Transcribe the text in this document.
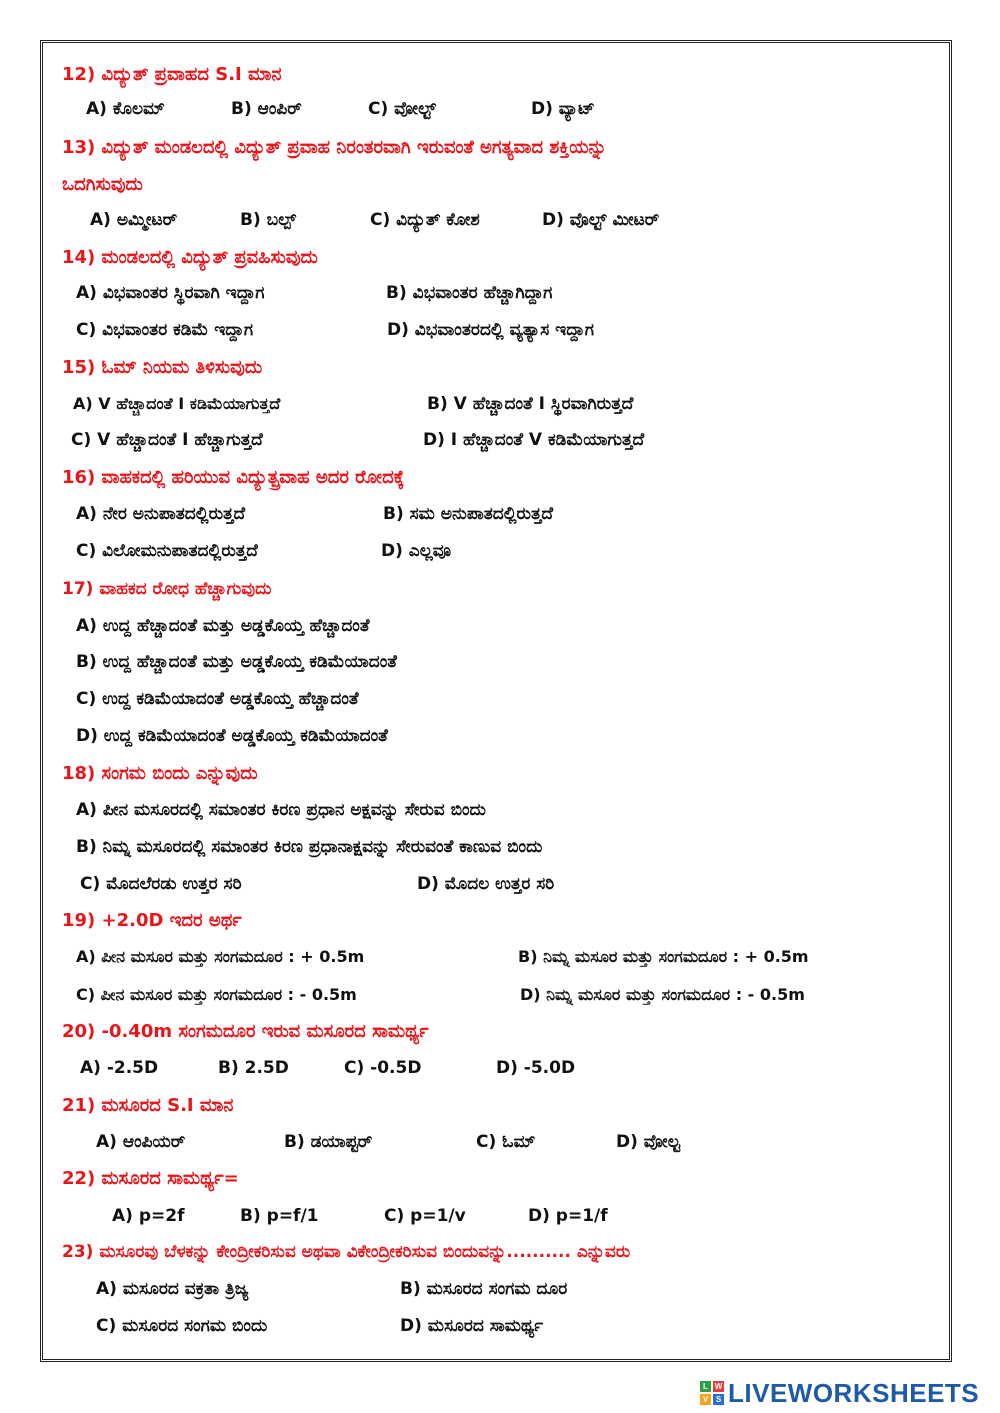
12) ವಿದ್ಯುತ್ ಪ್ರವಾಹದ S.I ಮಾನ
A) ಕೊಲಮ್	B) ಆಂಪಿರ್	C) ವೋಲ್ಟ್	D) ವ್ಯಾಟ್
13) ವಿದ್ಯುತ್ ಮಂಡಲದಲ್ಲಿ ವಿದ್ಯುತ್ ಪ್ರವಾಹ ನಿರಂತರವಾಗಿ ಇರುವಂತೆ ಅಗತ್ಯವಾದ ಶಕ್ತಿಯನ್ನು
ಒದಗಿಸುವುದು
A) ಅಮ್ಮೀಟರ್	B) ಬಲ್ಪ್	C) ವಿದ್ಯುತ್ ಕೋಶ	D) ವೊಲ್ಟ್ ಮೀಟರ್
14) ಮಂಡಲದಲ್ಲಿ ವಿದ್ಯುತ್ ಪ್ರವಹಿಸುವುದು
A) ವಿಭವಾಂತರ ಸ್ಥಿರವಾಗಿ ಇದ್ದಾಗ	B) ವಿಭವಾಂತರ ಹೆಚ್ಚಾಗಿದ್ದಾಗ
C) ವಿಭವಾಂತರ ಕಡಿಮೆ ಇದ್ದಾಗ	D) ವಿಭವಾಂತರದಲ್ಲಿ ವ್ಯತ್ಯಾಸ ಇದ್ದಾಗ
15) ಓಮ್ ನಿಯಮ ತಿಳಿಸುವುದು
A) V ಹೆಚ್ಚಾದಂತೆ I ಕಡಿಮೆಯಾಗುತ್ತದೆ	B) V ಹೆಚ್ಚಾದಂತೆ I ಸ್ಥಿರವಾಗಿರುತ್ತದೆ
C) V ಹೆಚ್ಚಾದಂತೆ I ಹೆಚ್ಚಾಗುತ್ತದೆ	D) I ಹೆಚ್ಚಾದಂತೆ V ಕಡಿಮೆಯಾಗುತ್ತದೆ
16) ವಾಹಕದಲ್ಲಿ ಹರಿಯುವ ವಿದ್ಯುತ್ಪ್ರವಾಹ ಅದರ ರೋದಕ್ಕೆ
A) ನೇರ ಅನುಪಾತದಲ್ಲಿರುತ್ತದೆ	B) ಸಮ ಅನುಪಾತದಲ್ಲಿರುತ್ತದೆ
C) ವಿಲೋಮನುಪಾತದಲ್ಲಿರುತ್ತದೆ	D) ಎಲ್ಲವೂ
17) ವಾಹಕದ ರೋಧ ಹೆಚ್ಚಾಗುವುದು
A) ಉದ್ದ ಹೆಚ್ಚಾದಂತೆ ಮತ್ತು ಅಡ್ಡಕೊಯ್ತ ಹೆಚ್ಚಾದಂತೆ
B) ಉದ್ದ ಹೆಚ್ಚಾದಂತೆ ಮತ್ತು ಅಡ್ಡಕೊಯ್ತ ಕಡಿಮೆಯಾದಂತೆ
C) ಉದ್ದ ಕಡಿಮೆಯಾದಂತೆ ಅಡ್ಡಕೊಯ್ತ ಹೆಚ್ಚಾದಂತೆ
D) ಉದ್ದ ಕಡಿಮೆಯಾದಂತೆ ಅಡ್ಡಕೊಯ್ತ ಕಡಿಮೆಯಾದಂತೆ
18) ಸಂಗಮ ಬಿಂದು ಎನ್ನುವುದು
A) ಪೀನ ಮಸೂರದಲ್ಲಿ ಸಮಾಂತರ ಕಿರಣ ಪ್ರಧಾನ ಅಕ್ಷವನ್ನು ಸೇರುವ ಬಿಂದು
B) ನಿಮ್ನ ಮಸೂರದಲ್ಲಿ ಸಮಾಂತರ ಕಿರಣ ಪ್ರಧಾನಾಕ್ಷವನ್ನು ಸೇರುವಂತೆ ಕಾಣುವ ಬಿಂದು
C) ಮೊದಲೆರಡು ಉತ್ತರ ಸರಿ	D) ಮೊದಲ ಉತ್ತರ ಸರಿ
19) +2.0D ಇದರ ಅರ್ಥ
A) ಪೀನ ಮಸೂರ ಮತ್ತು ಸಂಗಮದೂರ : + 0.5m	B) ನಿಮ್ನ ಮಸೂರ ಮತ್ತು ಸಂಗಮದೂರ : + 0.5m
C) ಪೀನ ಮಸೂರ ಮತ್ತು ಸಂಗಮದೂರ : - 0.5m	D) ನಿಮ್ನ ಮಸೂರ ಮತ್ತು ಸಂಗಮದೂರ : - 0.5m
20) -0.40m ಸಂಗಮದೂರ ಇರುವ ಮಸೂರದ ಸಾಮರ್ಥ್ಯ
A) -2.5D	B) 2.5D	C) -0.5D	D) -5.0D
21) ಮಸೂರದ S.I ಮಾನ
A) ಆಂಪಿಯರ್	B) ಡಯಾಪ್ಟರ್	C) ಓಮ್	D) ವೋಲ್ಟ
22) ಮಸೂರದ ಸಾಮರ್ಥ್ಯ=
A) p=2f	B) p=f/1	C) p=1/v	D) p=1/f
23) ಮಸೂರವು ಬೆಳಕನ್ನು ಕೇಂದ್ರೀಕರಿಸುವ ಅಥವಾ ವಿಕೇಂದ್ರೀಕರಿಸುವ ಬಿಂದುವನ್ನು.......... ಎನ್ನುವರು
A) ಮಸೂರದ ವಕ್ರತಾ ತ್ರಿಜ್ಯ	B) ಮಸೂರದ ಸಂಗಮ ದೂರ
C) ಮಸೂರದ ಸಂಗಮ ಬಿಂದು	D) ಮಸೂರದ ಸಾಮರ್ಥ್ಯ
L W
V S LIVEWORKSHEETS
